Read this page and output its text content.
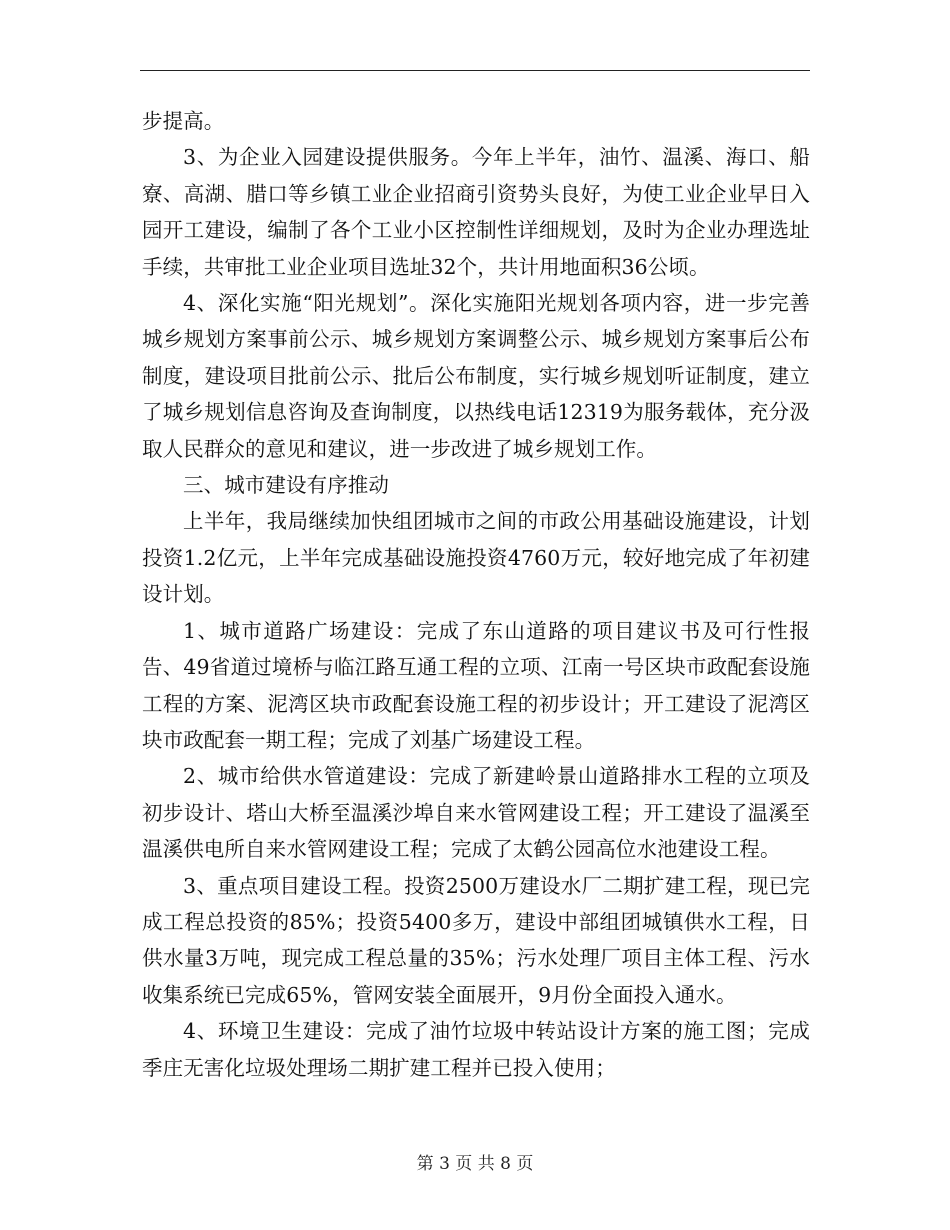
步提高。

3、为企业入园建设提供服务。今年上半年，油竹、温溪、海口、船寮、高湖、腊口等乡镇工业企业招商引资势头良好，为使工业企业早日入园开工建设，编制了各个工业小区控制性详细规划，及时为企业办理选址手续，共审批工业企业项目选址32个，共计用地面积36公顷。

4、深化实施“阳光规划”。深化实施阳光规划各项内容，进一步完善城乡规划方案事前公示、城乡规划方案调整公示、城乡规划方案事后公布制度，建设项目批前公示、批后公布制度，实行城乡规划听证制度，建立了城乡规划信息咨询及查询制度，以热线电话12319为服务载体，充分汲取人民群众的意见和建议，进一步改进了城乡规划工作。

三、城市建设有序推动

上半年，我局继续加快组团城市之间的市政公用基础设施建设，计划投资1.2亿元，上半年完成基础设施投资4760万元，较好地完成了年初建设计划。

1、城市道路广场建设：完成了东山道路的项目建议书及可行性报告、49省道过境桥与临江路互通工程的立项、江南一号区块市政配套设施工程的方案、泥湾区块市政配套设施工程的初步设计；开工建设了泥湾区块市政配套一期工程；完成了刘基广场建设工程。

2、城市给供水管道建设：完成了新建岭景山道路排水工程的立项及初步设计、塔山大桥至温溪沙埠自来水管网建设工程；开工建设了温溪至温溪供电所自来水管网建设工程；完成了太鹤公园高位水池建设工程。

3、重点项目建设工程。投资2500万建设水厂二期扩建工程，现已完成工程总投资的85%；投资5400多万，建设中部组团城镇供水工程，日供水量3万吨，现完成工程总量的35%；污水处理厂项目主体工程、污水收集系统已完成65%，管网安装全面展开，9月份全面投入通水。

4、环境卫生建设：完成了油竹垃圾中转站设计方案的施工图；完成季庄无害化垃圾处理场二期扩建工程并已投入使用；

第 3 页 共 8 页
